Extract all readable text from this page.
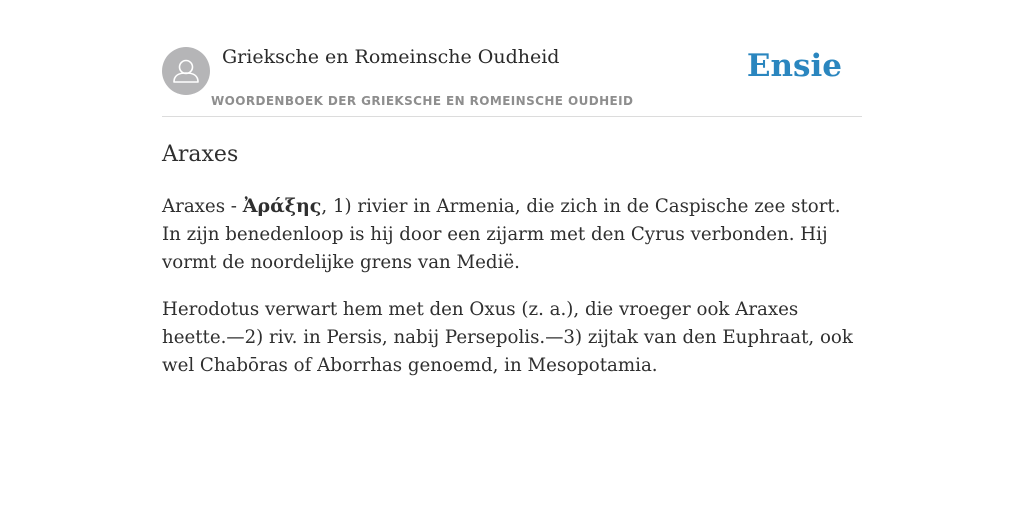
Grieksche en Romeinsche Oudheid
WOORDENBOEK DER GRIEKSCHE EN ROMEINSCHE OUDHEID
Ensie
Araxes

Araxes - Ἀράξης, 1) rivier in Armenia, die zich in de Caspische zee stort. In zijn benedenloop is hij door een zijarm met den Cyrus verbonden. Hij vormt de noordelijke grens van Medië.

Herodotus verwart hem met den Oxus (z. a.), die vroeger ook Araxes heette.—2) riv. in Persis, nabij Persepolis.—3) zijtak van den Euphraat, ook wel Chabōras of Aborrhas genoemd, in Mesopotamia.
